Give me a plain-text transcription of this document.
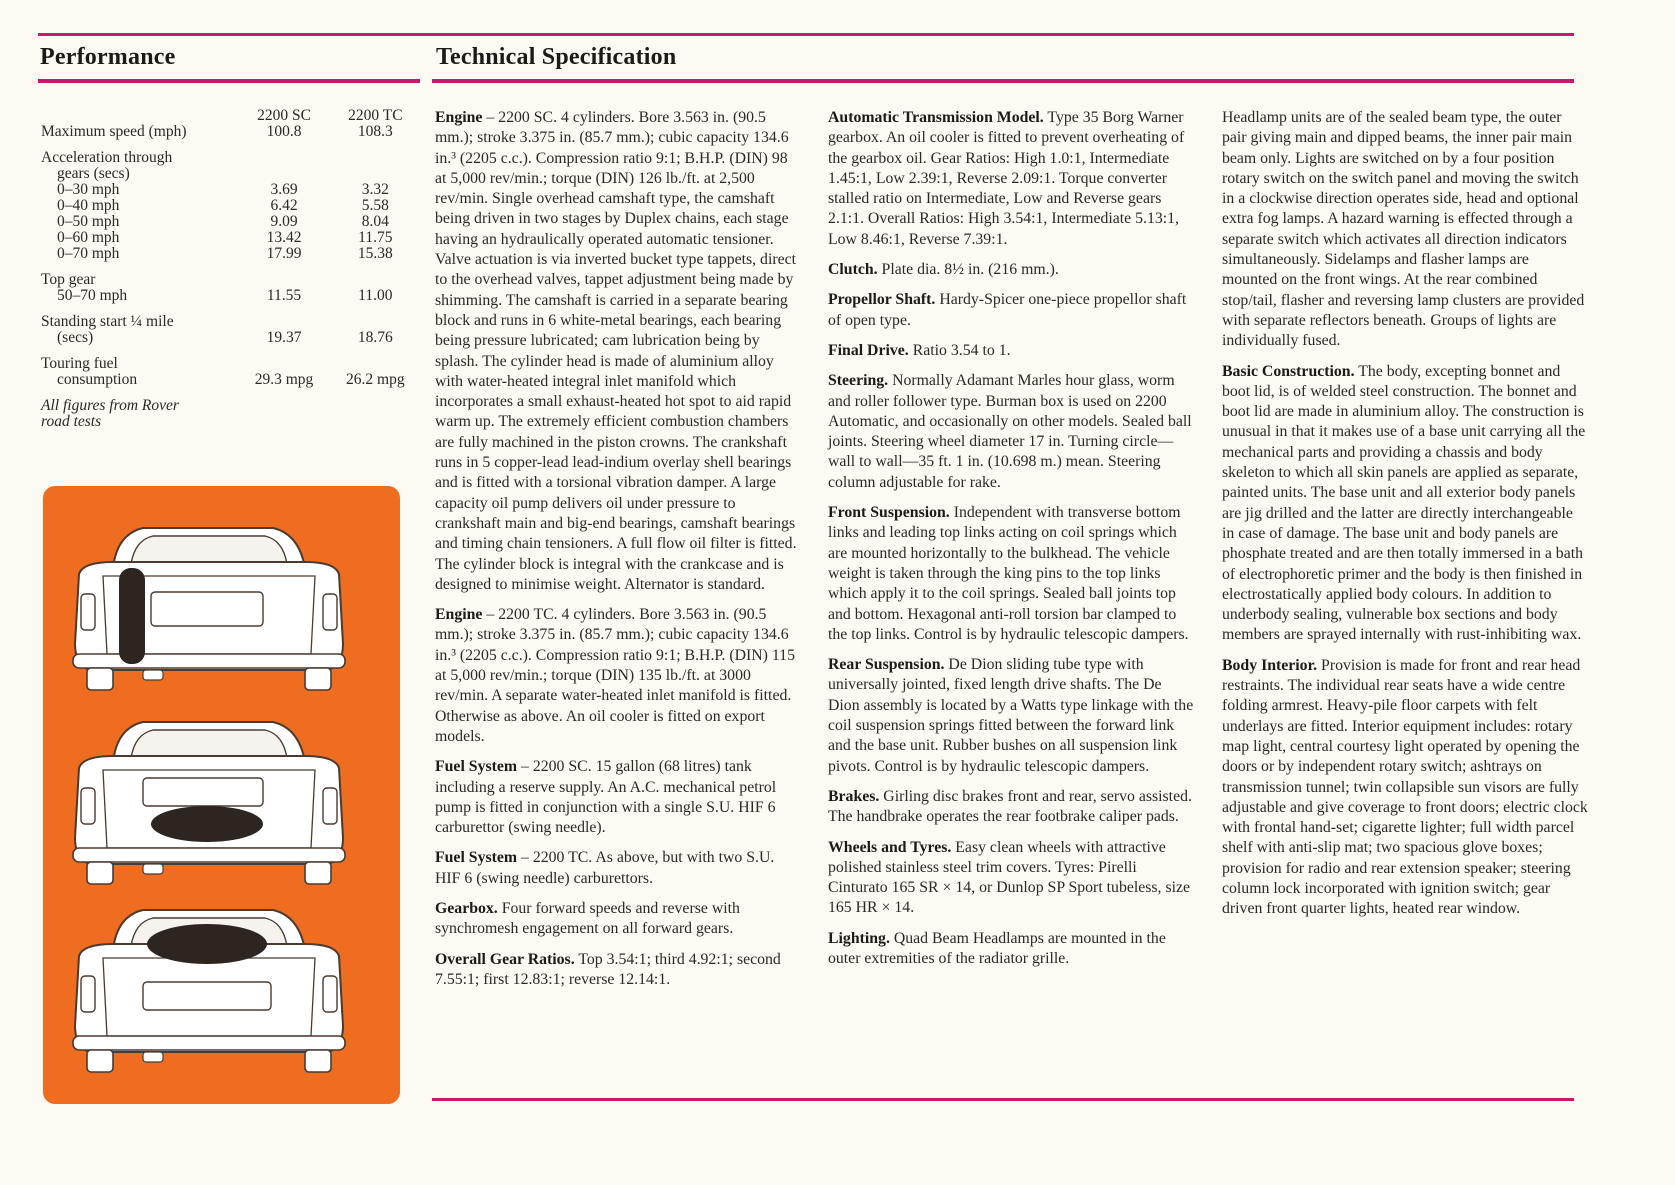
Performance	Technical Specification
	2200 SC	2200 TC
Maximum speed (mph)	100.8	108.3
Acceleration through		
gears (secs)		
0–30 mph	3.69	3.32
0–40 mph	6.42	5.58
0–50 mph	9.09	8.04
0–60 mph	13.42	11.75
0–70 mph	17.99	15.38
Top gear		
50–70 mph	11.55	11.00
Standing start ¼ mile		
(secs)	19.37	18.76
Touring fuel		
consumption	29.3 mpg	26.2 mpg
All figures from Rover
road tests

Engine – 2200 SC. 4 cylinders. Bore 3.563 in. (90.5 mm.); stroke 3.375 in. (85.7 mm.); cubic capacity 134.6 in.³ (2205 c.c.). Compression ratio 9:1; B.H.P. (DIN) 98 at 5,000 rev/min.; torque (DIN) 126 lb./ft. at 2,500 rev/min. Single overhead camshaft type, the camshaft being driven in two stages by Duplex chains, each stage having an hydraulically operated automatic tensioner. Valve actuation is via inverted bucket type tappets, direct to the overhead valves, tappet adjustment being made by shimming. The camshaft is carried in a separate bearing block and runs in 6 white-metal bearings, each bearing being pressure lubricated; cam lubrication being by splash. The cylinder head is made of aluminium alloy with water-heated integral inlet manifold which incorporates a small exhaust-heated hot spot to aid rapid warm up. The extremely efficient combustion chambers are fully machined in the piston crowns. The crankshaft runs in 5 copper-lead lead-indium overlay shell bearings and is fitted with a torsional vibration damper. A large capacity oil pump delivers oil under pressure to crankshaft main and big-end bearings, camshaft bearings and timing chain tensioners. A full flow oil filter is fitted. The cylinder block is integral with the crankcase and is designed to minimise weight. Alternator is standard.

Engine – 2200 TC. 4 cylinders. Bore 3.563 in. (90.5 mm.); stroke 3.375 in. (85.7 mm.); cubic capacity 134.6 in.³ (2205 c.c.). Compression ratio 9:1; B.H.P. (DIN) 115 at 5,000 rev/min.; torque (DIN) 135 lb./ft. at 3000 rev/min. A separate water-heated inlet manifold is fitted. Otherwise as above. An oil cooler is fitted on export models.

Fuel System – 2200 SC. 15 gallon (68 litres) tank including a reserve supply. An A.C. mechanical petrol pump is fitted in conjunction with a single S.U. HIF 6 carburettor (swing needle).

Fuel System – 2200 TC. As above, but with two S.U. HIF 6 (swing needle) carburettors.

Gearbox. Four forward speeds and reverse with synchromesh engagement on all forward gears.

Overall Gear Ratios. Top 3.54:1; third 4.92:1; second 7.55:1; first 12.83:1; reverse 12.14:1.

Automatic Transmission Model. Type 35 Borg Warner gearbox. An oil cooler is fitted to prevent overheating of the gearbox oil. Gear Ratios: High 1.0:1, Intermediate 1.45:1, Low 2.39:1, Reverse 2.09:1. Torque converter stalled ratio on Intermediate, Low and Reverse gears 2.1:1. Overall Ratios: High 3.54:1, Intermediate 5.13:1, Low 8.46:1, Reverse 7.39:1.

Clutch. Plate dia. 8½ in. (216 mm.).

Propellor Shaft. Hardy-Spicer one-piece propellor shaft of open type.

Final Drive. Ratio 3.54 to 1.

Steering. Normally Adamant Marles hour glass, worm and roller follower type. Burman box is used on 2200 Automatic, and occasionally on other models. Sealed ball joints. Steering wheel diameter 17 in. Turning circle—wall to wall—35 ft. 1 in. (10.698 m.) mean. Steering column adjustable for rake.

Front Suspension. Independent with transverse bottom links and leading top links acting on coil springs which are mounted horizontally to the bulkhead. The vehicle weight is taken through the king pins to the top links which apply it to the coil springs. Sealed ball joints top and bottom. Hexagonal anti-roll torsion bar clamped to the top links. Control is by hydraulic telescopic dampers.

Rear Suspension. De Dion sliding tube type with universally jointed, fixed length drive shafts. The De Dion assembly is located by a Watts type linkage with the coil suspension springs fitted between the forward link and the base unit. Rubber bushes on all suspension link pivots. Control is by hydraulic telescopic dampers.

Brakes. Girling disc brakes front and rear, servo assisted. The handbrake operates the rear footbrake caliper pads.

Wheels and Tyres. Easy clean wheels with attractive polished stainless steel trim covers. Tyres: Pirelli Cinturato 165 SR × 14, or Dunlop SP Sport tubeless, size 165 HR × 14.

Lighting. Quad Beam Headlamps are mounted in the outer extremities of the radiator grille.

Headlamp units are of the sealed beam type, the outer pair giving main and dipped beams, the inner pair main beam only. Lights are switched on by a four position rotary switch on the switch panel and moving the switch in a clockwise direction operates side, head and optional extra fog lamps. A hazard warning is effected through a separate switch which activates all direction indicators simultaneously. Sidelamps and flasher lamps are mounted on the front wings. At the rear combined stop/tail, flasher and reversing lamp clusters are provided with separate reflectors beneath. Groups of lights are individually fused.

Basic Construction. The body, excepting bonnet and boot lid, is of welded steel construction. The bonnet and boot lid are made in aluminium alloy. The construction is unusual in that it makes use of a base unit carrying all the mechanical parts and providing a chassis and body skeleton to which all skin panels are applied as separate, painted units. The base unit and all exterior body panels are jig drilled and the latter are directly interchangeable in case of damage. The base unit and body panels are phosphate treated and are then totally immersed in a bath of electrophoretic primer and the body is then finished in electrostatically applied body colours. In addition to underbody sealing, vulnerable box sections and body members are sprayed internally with rust-inhibiting wax.

Body Interior. Provision is made for front and rear head restraints. The individual rear seats have a wide centre folding armrest. Heavy-pile floor carpets with felt underlays are fitted. Interior equipment includes: rotary map light, central courtesy light operated by opening the doors or by independent rotary switch; ashtrays on transmission tunnel; twin collapsible sun visors are fully adjustable and give coverage to front doors; electric clock with frontal hand-set; cigarette lighter; full width parcel shelf with anti-slip mat; two spacious glove boxes; provision for radio and rear extension speaker; steering column lock incorporated with ignition switch; gear driven front quarter lights, heated rear window.
